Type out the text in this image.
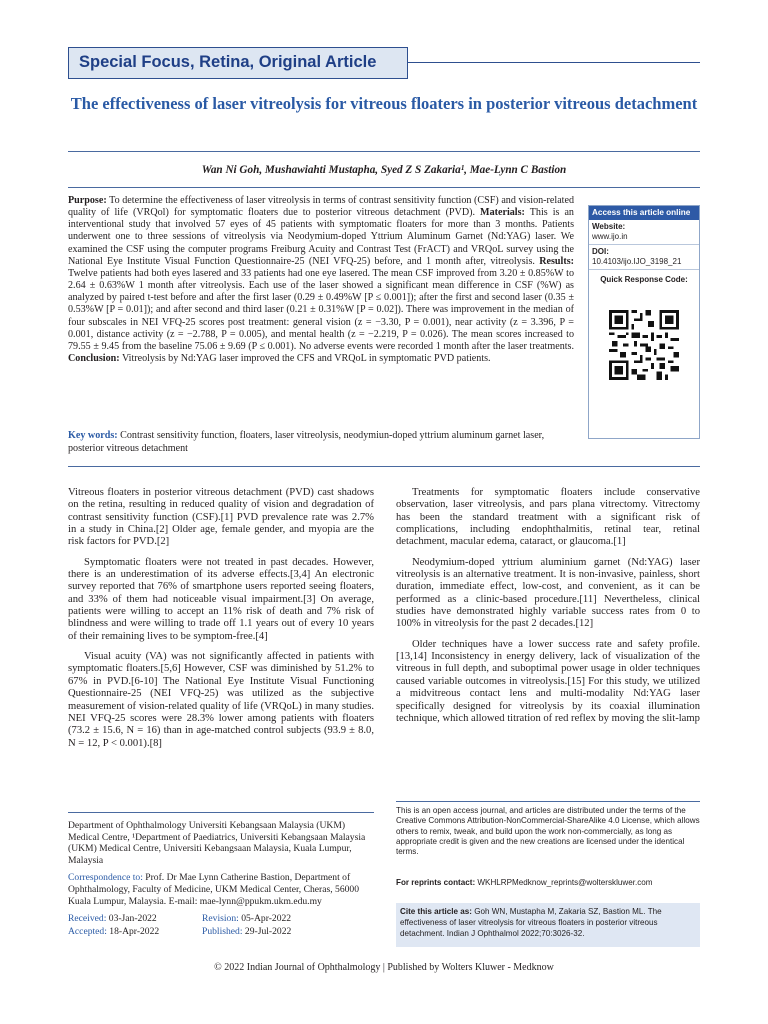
Special Focus, Retina, Original Article
The effectiveness of laser vitreolysis for vitreous floaters in posterior vitreous detachment
Wan Ni Goh, Mushawiahti Mustapha, Syed Z S Zakaria¹, Mae-Lynn C Bastion
Purpose: To determine the effectiveness of laser vitreolysis in terms of contrast sensitivity function (CSF) and vision-related quality of life (VRQol) for symptomatic floaters due to posterior vitreous detachment (PVD). Materials: This is an interventional study that involved 57 eyes of 45 patients with symptomatic floaters for more than 3 months. Patients underwent one to three sessions of vitreolysis via Neodymium-doped Yttrium Aluminum Garnet (Nd:YAG) laser. We examined the CSF using the computer programs Freiburg Acuity and Contrast Test (FrACT) and VRQoL survey using the National Eye Institute Visual Function Questionnaire-25 (NEI VFQ-25) before, and 1 month after, vitreolysis. Results: Twelve patients had both eyes lasered and 33 patients had one eye lasered. The mean CSF improved from 3.20 ± 0.85%W to 2.64 ± 0.63%W 1 month after vitreolysis. Each use of the laser showed a significant mean difference in CSF (%W) as analyzed by paired t-test before and after the first laser (0.29 ± 0.49%W [P ≤ 0.001]); after the first and second laser (0.35 ± 0.53%W [P = 0.01]); and after second and third laser (0.21 ± 0.31%W [P = 0.02]). There was improvement in the median of four subscales in NEI VFQ-25 scores post treatment: general vision (z = −3.30, P = 0.001), near activity (z = 3.396, P = 0.001, distance activity (z = −2.788, P = 0.005), and mental health (z = −2.219, P = 0.026). The mean scores increased to 79.55 ± 9.45 from the baseline 75.06 ± 9.69 (P ≤ 0.001). No adverse events were recorded 1 month after the laser treatments. Conclusion: Vitreolysis by Nd:YAG laser improved the CFS and VRQoL in symptomatic PVD patients.
Access this article online
Website:
www.ijo.in
DOI:
10.4103/ijo.IJO_3198_21
Quick Response Code:
Key words: Contrast sensitivity function, floaters, laser vitreolysis, neodymiun-doped yttrium aluminum garnet laser, posterior vitreous detachment

Vitreous floaters in posterior vitreous detachment (PVD) cast shadows on the retina, resulting in reduced quality of vision and degradation of contrast sensitivity function (CSF).[1] PVD prevalence rate was 2.7% in a study in China.[2] Older age, female gender, and myopia are the risk factors for PVD.[2]

Symptomatic floaters were not treated in past decades. However, there is an underestimation of its adverse effects.[3,4] An electronic survey reported that 76% of smartphone users reported seeing floaters, and 33% of them had noticeable visual impairment.[3] On average, patients were willing to accept an 11% risk of death and 7% risk of blindness and were willing to trade off 1.1 years out of every 10 years of their remaining lives to be symptom-free.[4]

Visual acuity (VA) was not significantly affected in patients with symptomatic floaters.[5,6] However, CSF was diminished by 51.2% to 67% in PVD.[6-10] The National Eye Institute Visual Functioning Questionnaire-25 (NEI VFQ-25) was utilized as the subjective measurement of vision-related quality of life (VRQoL) in many studies. NEI VFQ-25 scores were 28.3% lower among patients with floaters (73.2 ± 15.6, N = 16) than in age-matched control subjects (93.9 ± 8.0, N = 12, P < 0.001).[8]

Treatments for symptomatic floaters include conservative observation, laser vitreolysis, and pars plana vitrectomy. Vitrectomy has been the standard treatment with a significant risk of complications, including endophthalmitis, retinal tear, retinal detachment, macular edema, cataract, or glaucoma.[1]

Neodymium-doped yttrium aluminium garnet (Nd:YAG) laser vitreolysis is an alternative treatment. It is non-invasive, painless, short duration, immediate effect, low-cost, and convenient, as it can be performed as a clinic-based procedure.[11] Nevertheless, clinical studies have demonstrated highly variable success rates from 0 to 100% in vitreolysis for the past 2 decades.[12]

Older techniques have a lower success rate and safety profile.[13,14] Inconsistency in energy delivery, lack of visualization of the vitreous in full depth, and suboptimal power usage in older techniques caused variable outcomes in vitreolysis.[15] For this study, we utilized a midvitreous contact lens and multi-modality Nd:YAG laser specifically designed for vitreolysis by its coaxial illumination technique, which allowed titration of red reflex by moving the slit-lamp

Department of Ophthalmology Universiti Kebangsaan Malaysia (UKM) Medical Centre, ¹Department of Paediatrics, Universiti Kebangsaan Malaysia (UKM) Medical Centre, Universiti Kebangsaan Malaysia, Kuala Lumpur, Malaysia

Correspondence to: Prof. Dr Mae Lynn Catherine Bastion, Department of Ophthalmology, Faculty of Medicine, UKM Medical Center, Cheras, 56000 Kuala Lumpur, Malaysia. E-mail: mae-lynn@ppukm.ukm.edu.my

Received: 03-Jan-2022	Revision: 05-Apr-2022
Accepted: 18-Apr-2022	Published: 29-Jul-2022
This is an open access journal, and articles are distributed under the terms of the Creative Commons Attribution-NonCommercial-ShareAlike 4.0 License, which allows others to remix, tweak, and build upon the work non-commercially, as long as appropriate credit is given and the new creations are licensed under the identical terms.
For reprints contact: WKHLRPMedknow_reprints@wolterskluwer.com
Cite this article as: Goh WN, Mustapha M, Zakaria SZ, Bastion ML. The effectiveness of laser vitreolysis for vitreous floaters in posterior vitreous detachment. Indian J Ophthalmol 2022;70:3026-32.
© 2022 Indian Journal of Ophthalmology | Published by Wolters Kluwer - Medknow
